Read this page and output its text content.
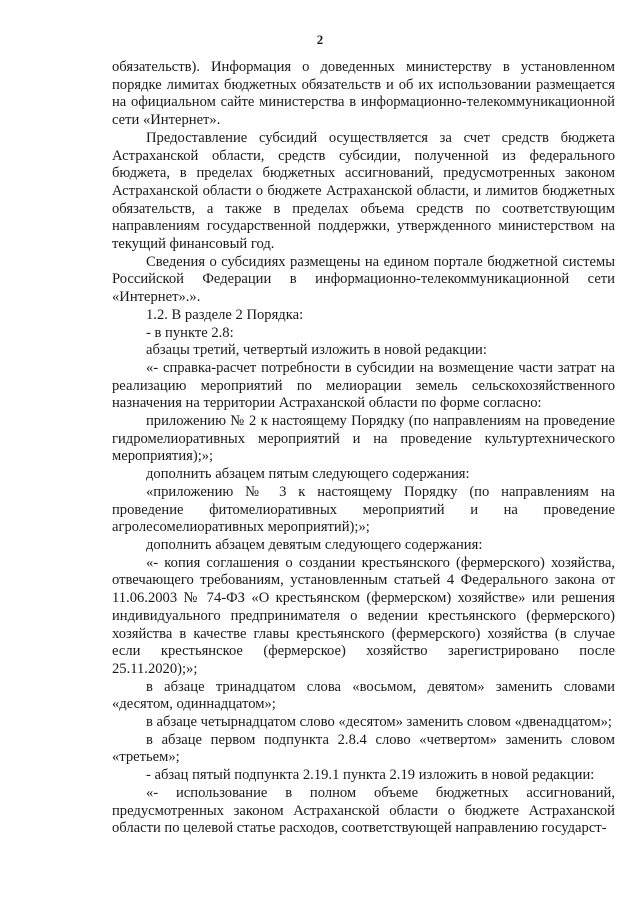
2

обязательств). Информация о доведенных министерству в установленном порядке лимитах бюджетных обязательств и об их использовании размещается на официальном сайте министерства в информационно-телекоммуникационной сети «Интернет».

Предоставление субсидий осуществляется за счет средств бюджета Астраханской области, средств субсидии, полученной из федерального бюджета, в пределах бюджетных ассигнований, предусмотренных законом Астраханской области о бюджете Астраханской области, и лимитов бюджетных обязательств, а также в пределах объема средств по соответствующим направлениям государственной поддержки, утвержденного министерством на текущий финансовый год.

Сведения о субсидиях размещены на едином портале бюджетной системы Российской Федерации в информационно-телекоммуникационной сети «Интернет».».

1.2. В разделе 2 Порядка:

- в пункте 2.8:

абзацы третий, четвертый изложить в новой редакции:

«- справка-расчет потребности в субсидии на возмещение части затрат на реализацию мероприятий по мелиорации земель сельскохозяйственного назначения на территории Астраханской области по форме согласно:

приложению № 2 к настоящему Порядку (по направлениям на проведение гидромелиоративных мероприятий и на проведение культуртехнического мероприятия);»;

дополнить абзацем пятым следующего содержания:

«приложению № 3 к настоящему Порядку (по направлениям на проведение фитомелиоративных мероприятий и на проведение агролесомелиоративных мероприятий);»;

дополнить абзацем девятым следующего содержания:

«- копия соглашения о создании крестьянского (фермерского) хозяйства, отвечающего требованиям, установленным статьей 4 Федерального закона от 11.06.2003 № 74-ФЗ «О крестьянском (фермерском) хозяйстве» или решения индивидуального предпринимателя о ведении крестьянского (фермерского) хозяйства в качестве главы крестьянского (фермерского) хозяйства (в случае если крестьянское (фермерское) хозяйство зарегистрировано после 25.11.2020);»;

в абзаце тринадцатом слова «восьмом, девятом» заменить словами «десятом, одиннадцатом»;

в абзаце четырнадцатом слово «десятом» заменить словом «двенадцатом»;

в абзаце первом подпункта 2.8.4 слово «четвертом» заменить словом «третьем»;

- абзац пятый подпункта 2.19.1 пункта 2.19 изложить в новой редакции:

«- использование в полном объеме бюджетных ассигнований, предусмотренных законом Астраханской области о бюджете Астраханской области по целевой статье расходов, соответствующей направлению государст-
